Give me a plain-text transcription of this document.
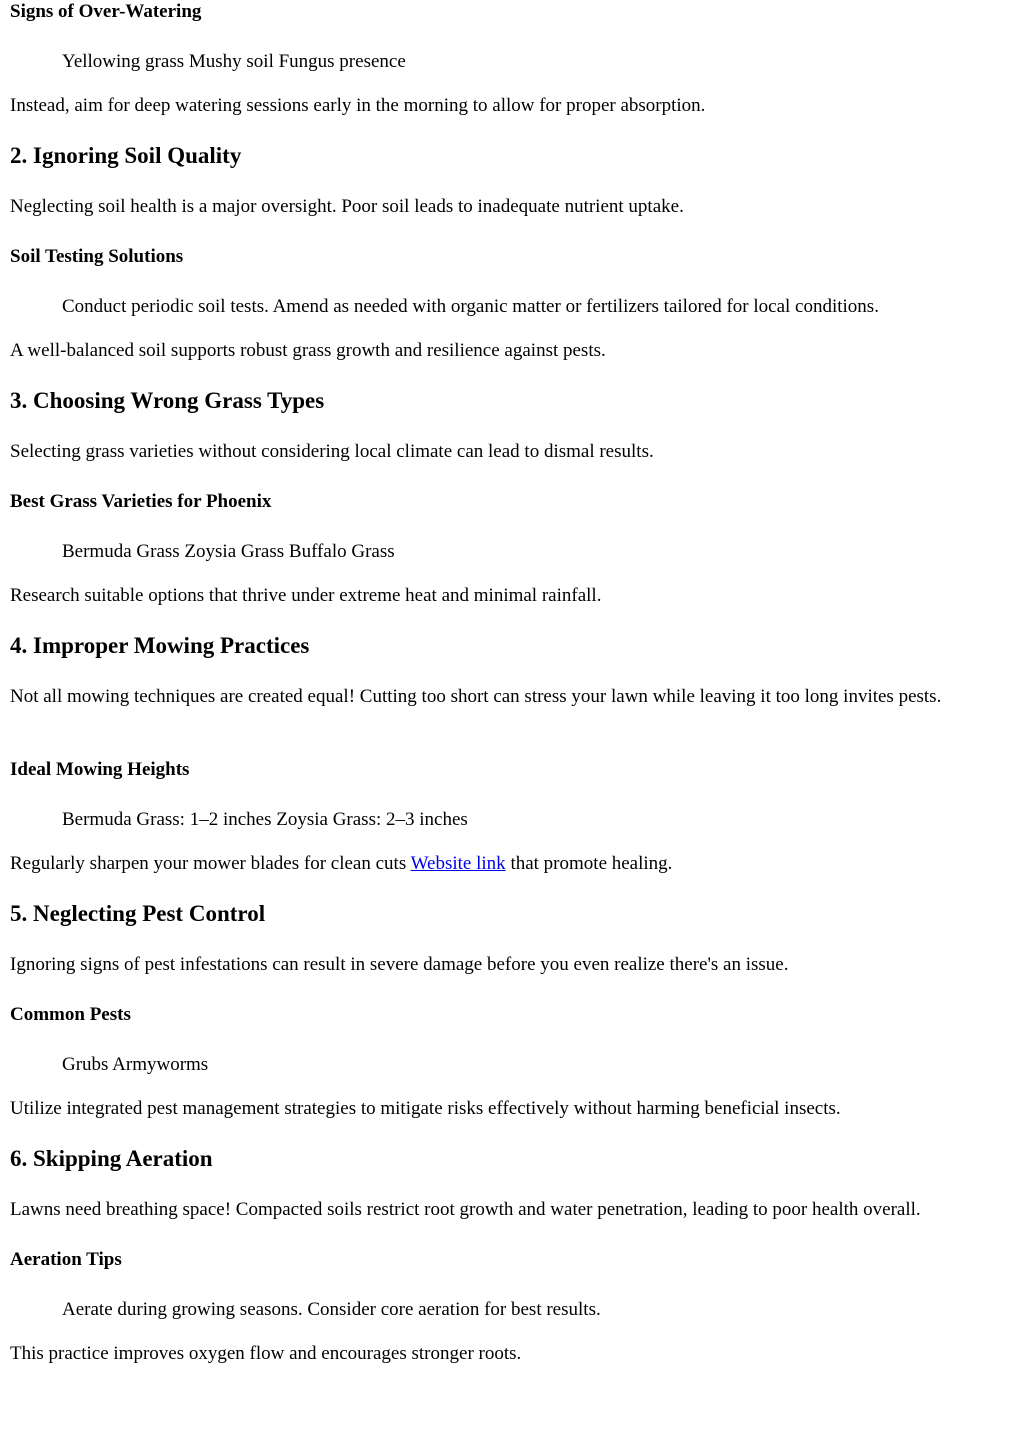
Signs of Over-Watering
Yellowing grass Mushy soil Fungus presence

Instead, aim for deep watering sessions early in the morning to allow for proper absorption.

2. Ignoring Soil Quality

Neglecting soil health is a major oversight. Poor soil leads to inadequate nutrient uptake.

Soil Testing Solutions
Conduct periodic soil tests. Amend as needed with organic matter or fertilizers tailored for local conditions.

A well-balanced soil supports robust grass growth and resilience against pests.

3. Choosing Wrong Grass Types

Selecting grass varieties without considering local climate can lead to dismal results.

Best Grass Varieties for Phoenix
Bermuda Grass Zoysia Grass Buffalo Grass

Research suitable options that thrive under extreme heat and minimal rainfall.

4. Improper Mowing Practices

Not all mowing techniques are created equal! Cutting too short can stress your lawn while leaving it too long invites pests.

Ideal Mowing Heights
Bermuda Grass: 1–2 inches Zoysia Grass: 2–3 inches

Regularly sharpen your mower blades for clean cuts Website link that promote healing.

5. Neglecting Pest Control

Ignoring signs of pest infestations can result in severe damage before you even realize there's an issue.

Common Pests
Grubs Armyworms

Utilize integrated pest management strategies to mitigate risks effectively without harming beneficial insects.

6. Skipping Aeration

Lawns need breathing space! Compacted soils restrict root growth and water penetration, leading to poor health overall.

Aeration Tips
Aerate during growing seasons. Consider core aeration for best results.

This practice improves oxygen flow and encourages stronger roots.
